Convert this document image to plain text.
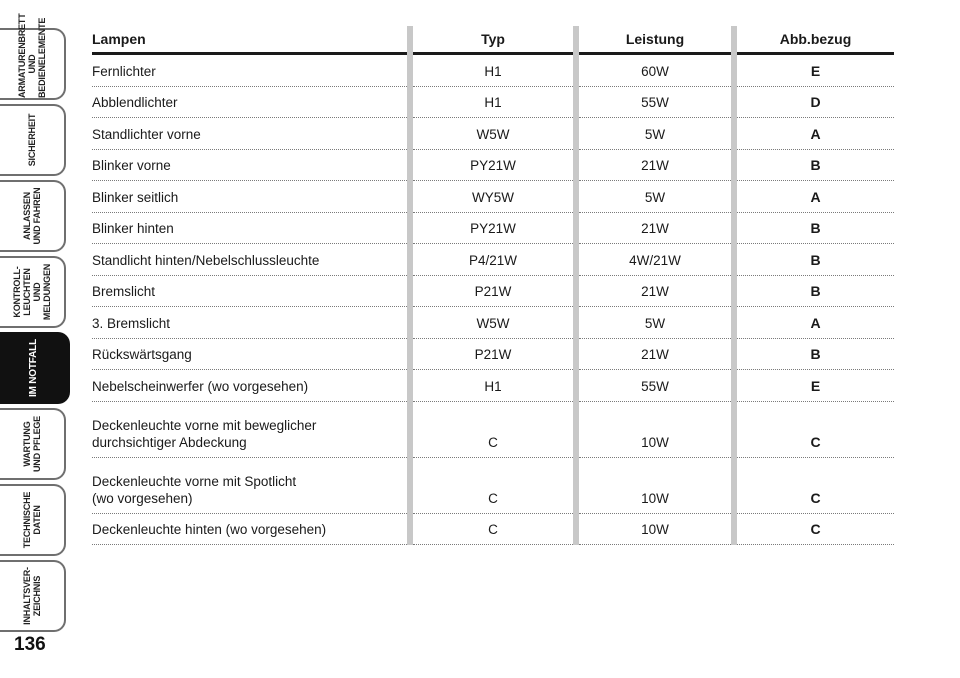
ARMATURENBRETT
UND
BEDIENELEMENTE
SICHERHEIT
ANLASSEN
UND FAHREN
KONTROLL-
LEUCHTEN UND
MELDUNGEN
IM NOTFALL
WARTUNG
UND PFLEGE
TECHNISCHE
DATEN
INHALTSVER-
ZEICHNIS
136
Lampen	Typ	Leistung	Abb.bezug
Fernlichter	H1	60W	E
Abblendlichter	H1	55W	D
Standlichter vorne	W5W	5W	A
Blinker vorne	PY21W	21W	B
Blinker seitlich	WY5W	5W	A
Blinker hinten	PY21W	21W	B
Standlicht hinten/Nebelschlussleuchte	P4/21W	4W/21W	B
Bremslicht	P21W	21W	B
3. Bremslicht	W5W	5W	A
Rückswärtsgang	P21W	21W	B
Nebelscheinwerfer (wo vorgesehen)	H1	55W	E
Deckenleuchte vorne mit beweglicher
durchsichtiger Abdeckung	C	10W	C
Deckenleuchte vorne mit Spotlicht
(wo vorgesehen)	C	10W	C
Deckenleuchte hinten (wo vorgesehen)	C	10W	C
